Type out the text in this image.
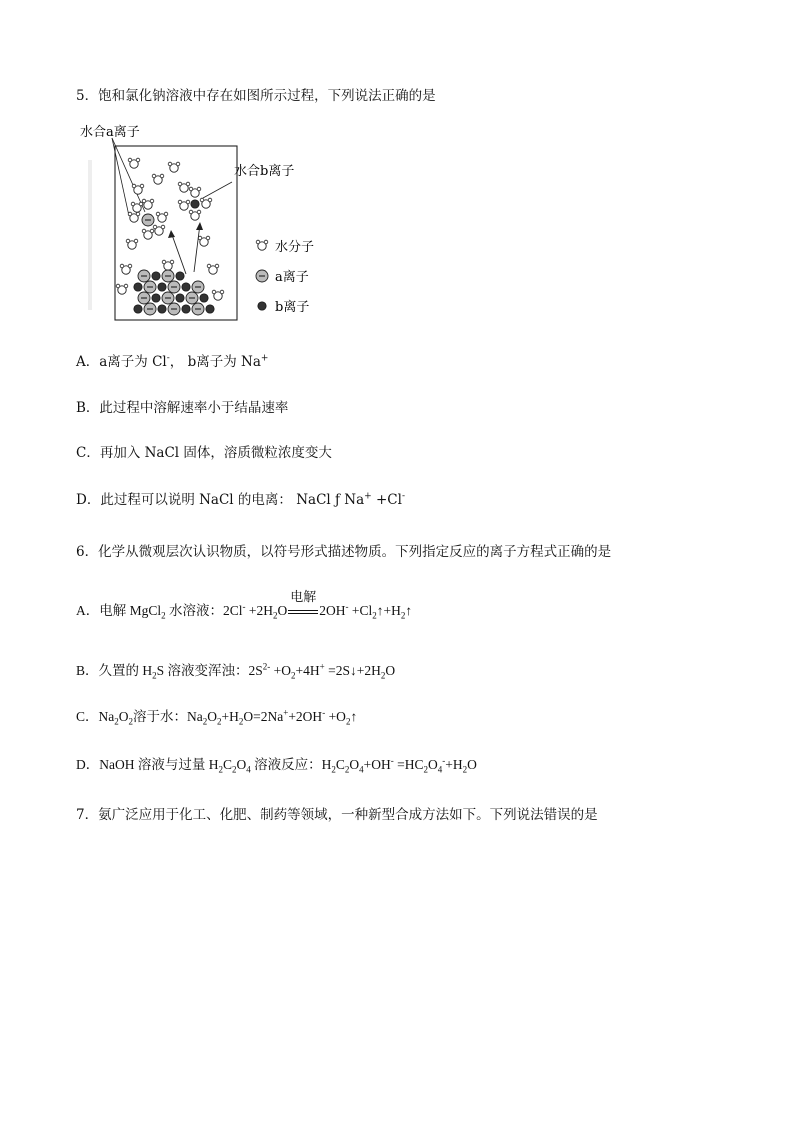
5．饱和氯化钠溶液中存在如图所示过程，下列说法正确的是
水合a离子
水合b离子
水分子
a离子
b离子
A．a离子为 Cl-， b离子为 Na+
B．此过程中溶解速率小于结晶速率
C．再加入 NaCl 固体，溶质微粒浓度变大
D．此过程可以说明 NaCl 的电离： NaCl ƒ Na+ +Cl-
6．化学从微观层次认识物质，以符号形式描述物质。下列指定反应的离子方程式正确的是
A．电解 MgCl$_2$ 水溶液：$2Cl^- +2H_2O$
电解
$2OH^- +Cl_2↑+H_2↑$
B．久置的 $H_2S$ 溶液变浑浊：$2S^{2-} +O_2+4H^+$ $=2S↓+2H_2O$
C．$Na_2O_2$溶于水：$Na_2O_2+H_2O=2Na^++2OH^-$ $+O_2↑$
D．NaOH 溶液与过量 $H_2C_2O_4$ 溶液反应：$H_2C_2O_4+OH^- =HC_2O_4^-+H_2O$
7．氨广泛应用于化工、化肥、制药等领域，一种新型合成方法如下。下列说法错误的是
